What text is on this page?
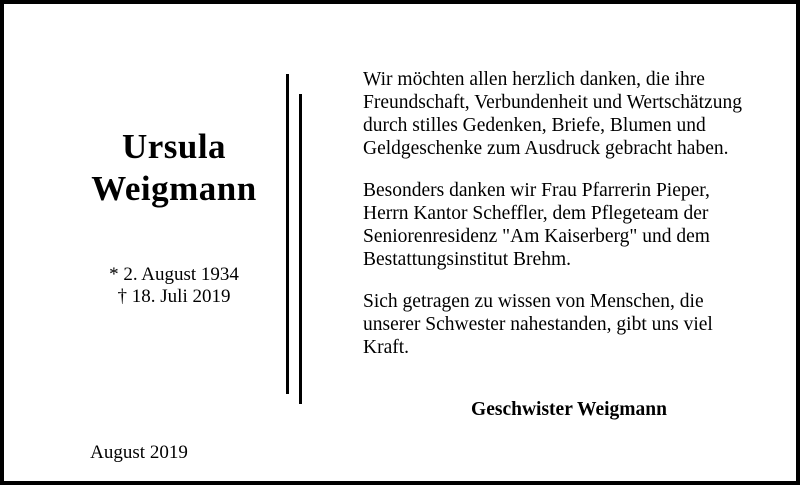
Ursula
Weigmann
* 2. August 1934
† 18. Juli 2019
August 2019

Wir möchten allen herzlich danken, die ihre
Freundschaft, Verbundenheit und Wertschätzung
durch stilles Gedenken, Briefe, Blumen und
Geldgeschenke zum Ausdruck gebracht haben.

Besonders danken wir Frau Pfarrerin Pieper,
Herrn Kantor Scheffler, dem Pflegeteam der
Seniorenresidenz "Am Kaiserberg" und dem
Bestattungsinstitut Brehm.

Sich getragen zu wissen von Menschen, die
unserer Schwester nahestanden, gibt uns viel
Kraft.

Geschwister Weigmann
